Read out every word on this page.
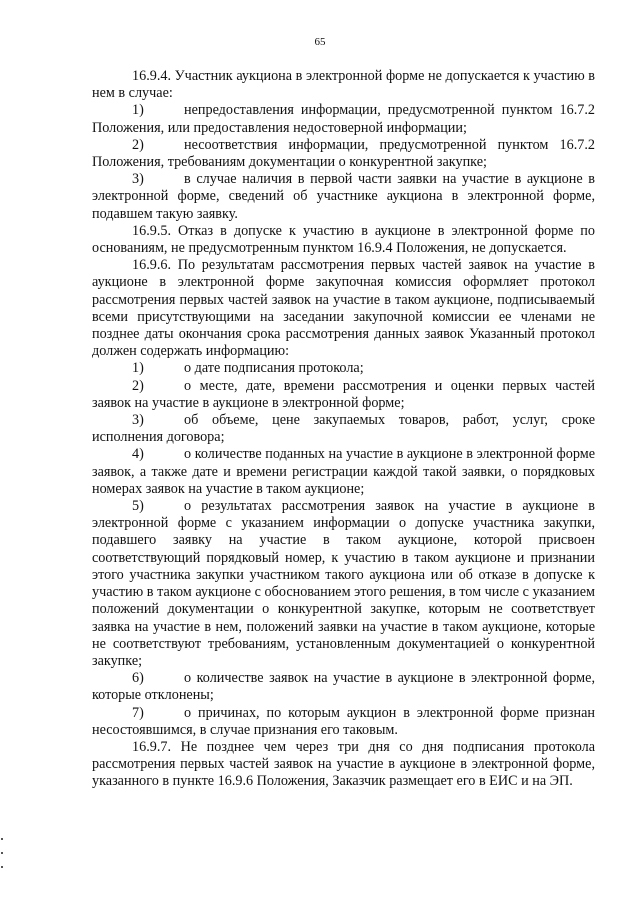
65

16.9.4. Участник аукциона в электронной форме не допускается к участию в нем в случае:

1)	непредоставления информации, предусмотренной пунктом 16.7.2 Положения, или предоставления недостоверной информации;

2)	несоответствия информации, предусмотренной пунктом 16.7.2 Положения, требованиям документации о конкурентной закупке;

3)	в случае наличия в первой части заявки на участие в аукционе в электронной форме, сведений об участнике аукциона в электронной форме, подавшем такую заявку.

16.9.5. Отказ в допуске к участию в аукционе в электронной форме по основаниям, не предусмотренным пунктом 16.9.4 Положения, не допускается.

16.9.6. По результатам рассмотрения первых частей заявок на участие в аукционе в электронной форме закупочная комиссия оформляет протокол рассмотрения первых частей заявок на участие в таком аукционе, подписываемый всеми присутствующими на заседании закупочной комиссии ее членами не позднее даты окончания срока рассмотрения данных заявок Указанный протокол должен содержать информацию:

1)	о дате подписания протокола;

2)	о месте, дате, времени рассмотрения и оценки первых частей заявок на участие в аукционе в электронной форме;

3)	об объеме, цене закупаемых товаров, работ, услуг, сроке исполнения договора;

4)	о количестве поданных на участие в аукционе в электронной форме заявок, а также дате и времени регистрации каждой такой заявки, о порядковых номерах заявок на участие в таком аукционе;

5)	о результатах рассмотрения заявок на участие в аукционе в электронной форме с указанием информации о допуске участника закупки, подавшего заявку на участие в таком аукционе, которой присвоен соответствующий порядковый номер, к участию в таком аукционе и признании этого участника закупки участником такого аукциона или об отказе в допуске к участию в таком аукционе с обоснованием этого решения, в том числе с указанием положений документации о конкурентной закупке, которым не соответствует заявка на участие в нем, положений заявки на участие в таком аукционе, которые не соответствуют требованиям, установленным документацией о конкурентной закупке;

6)	о количестве заявок на участие в аукционе в электронной форме, которые отклонены;

7)	о причинах, по которым аукцион в электронной форме признан несостоявшимся, в случае признания его таковым.

16.9.7. Не позднее чем через три дня со дня подписания протокола рассмотрения первых частей заявок на участие в аукционе в электронной форме, указанного в пункте 16.9.6 Положения, Заказчик размещает его в ЕИС и на ЭП.
